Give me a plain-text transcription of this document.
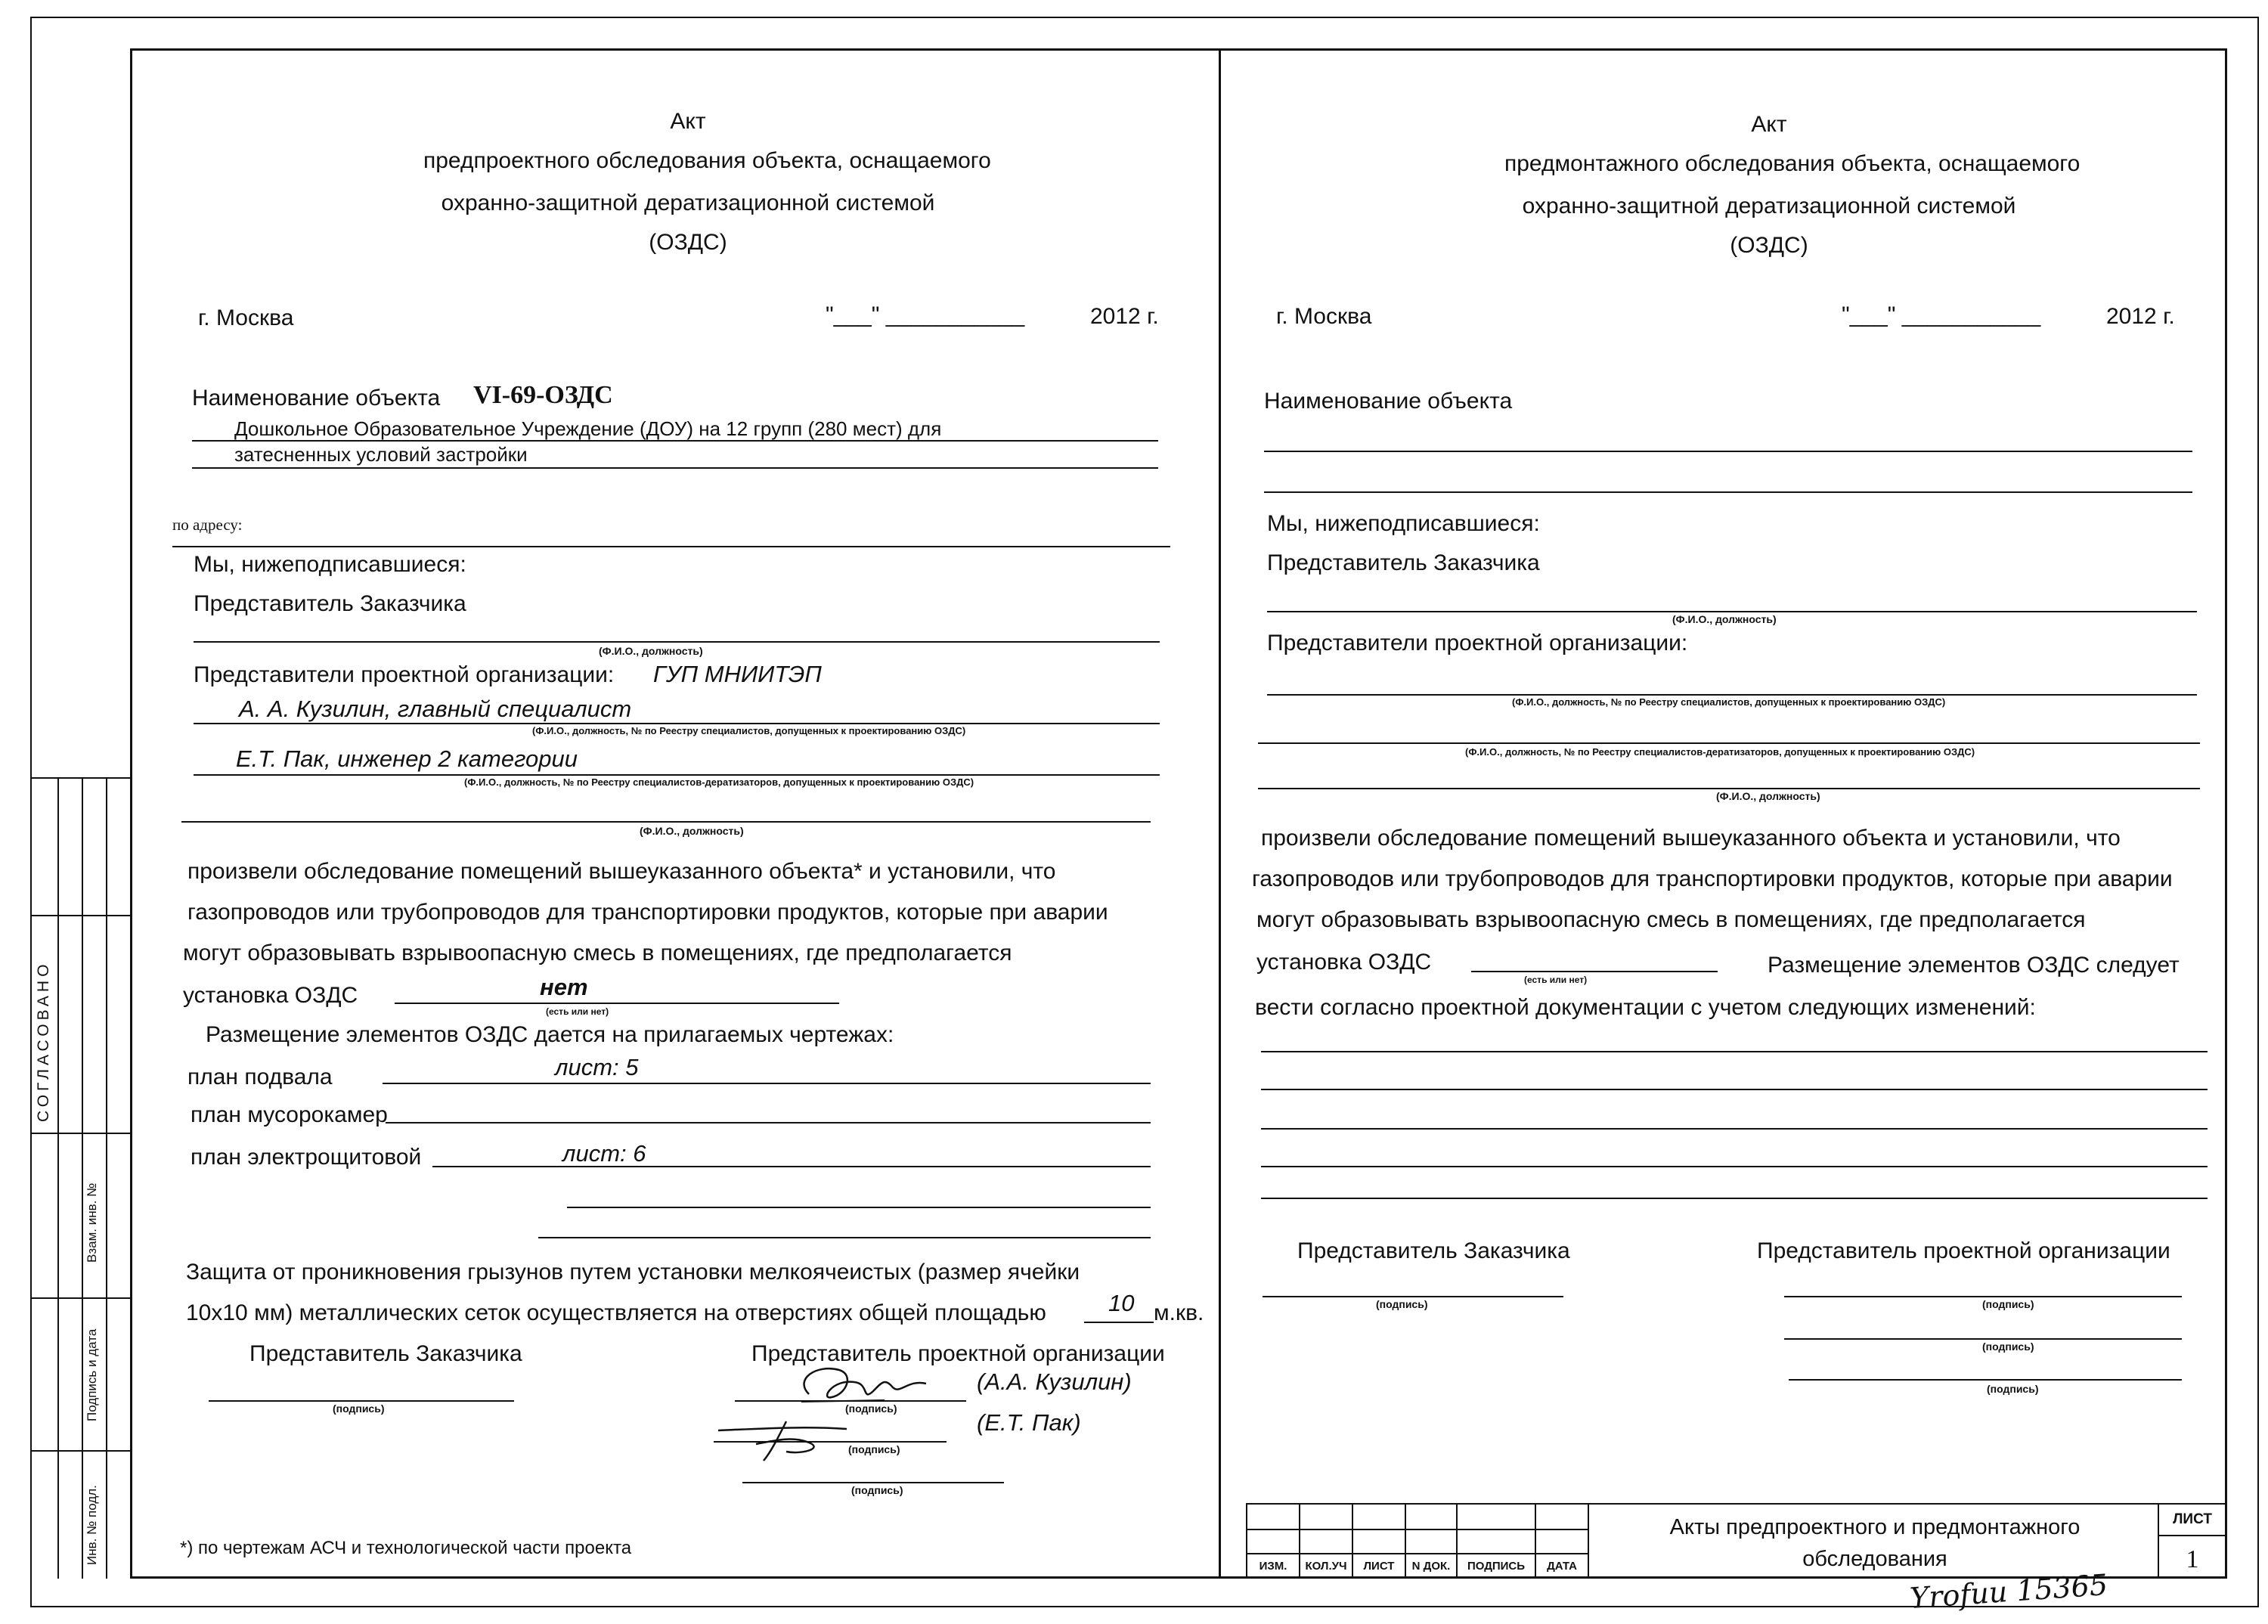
СОГЛАСОВАНО
Взам. инв. №
Подпись и дата
Инв. № подл.
Акт
предпроектного обследования объекта, оснащаемого
охранно-защитной дератизационной системой
(ОЗДС)
г. Москва	"___" ___________	2012 г.
Наименование объекта VI-69-ОЗДС
Дошкольное Образовательное Учреждение (ДОУ) на 12 групп (280 мест) для
затесненных условий застройки
по адресу:
Мы, нижеподписавшиеся:
Представитель Заказчика
(Ф.И.О., должность)
Представители проектной организации: ГУП МНИИТЭП
А. А. Кузилин, главный специалист
(Ф.И.О., должность, № по Реестру специалистов, допущенных к проектированию ОЗДС)
Е.Т. Пак, инженер 2 категории
(Ф.И.О., должность, № по Реестру специалистов-дератизаторов, допущенных к проектированию ОЗДС)
(Ф.И.О., должность)
произвели обследование помещений вышеуказанного объекта* и установили, что
газопроводов или трубопроводов для транспортировки продуктов, которые при аварии
могут образовывать взрывоопасную смесь в помещениях, где предполагается
установка ОЗДС	нет
(есть или нет)
Размещение элементов ОЗДС дается на прилагаемых чертежах:
план подвала	лист: 5
план мусорокамер
план электрощитовой	лист: 6
Защита от проникновения грызунов путем установки мелкоячеистых (размер ячейки
10х10 мм) металлических сеток осуществляется на отверстиях общей площадью	10 м.кв.
Представитель Заказчика	Представитель проектной организации
(подпись)
(А.А. Кузилин)
(подпись)
(Е.Т. Пак)
(подпись)
(подпись)
*) по чертежам АСЧ и технологической части проекта
Акт
предмонтажного обследования объекта, оснащаемого
охранно-защитной дератизационной системой
(ОЗДС)
г. Москва	"___" ___________	2012 г.
Наименование объекта
Мы, нижеподписавшиеся:
Представитель Заказчика
(Ф.И.О., должность)
Представители проектной организации:
(Ф.И.О., должность, № по Реестру специалистов, допущенных к проектированию ОЗДС)
(Ф.И.О., должность, № по Реестру специалистов-дератизаторов, допущенных к проектированию ОЗДС)
(Ф.И.О., должность)
произвели обследование помещений вышеуказанного объекта и установили, что
газопроводов или трубопроводов для транспортировки продуктов, которые при аварии
могут образовывать взрывоопасную смесь в помещениях, где предполагается
установка ОЗДС
(есть или нет)
Размещение элементов ОЗДС следует
вести согласно проектной документации с учетом следующих изменений:
Представитель Заказчика	Представитель проектной организации
(подпись)	(подпись)
(подпись)
(подпись)
ИЗМ.	КОЛ.УЧ	ЛИСТ	N ДОК.	ПОДПИСЬ	ДАТА
Акты предпроектного и предмонтажного
обследования
ЛИСТ
1
Yrofuu 15365
